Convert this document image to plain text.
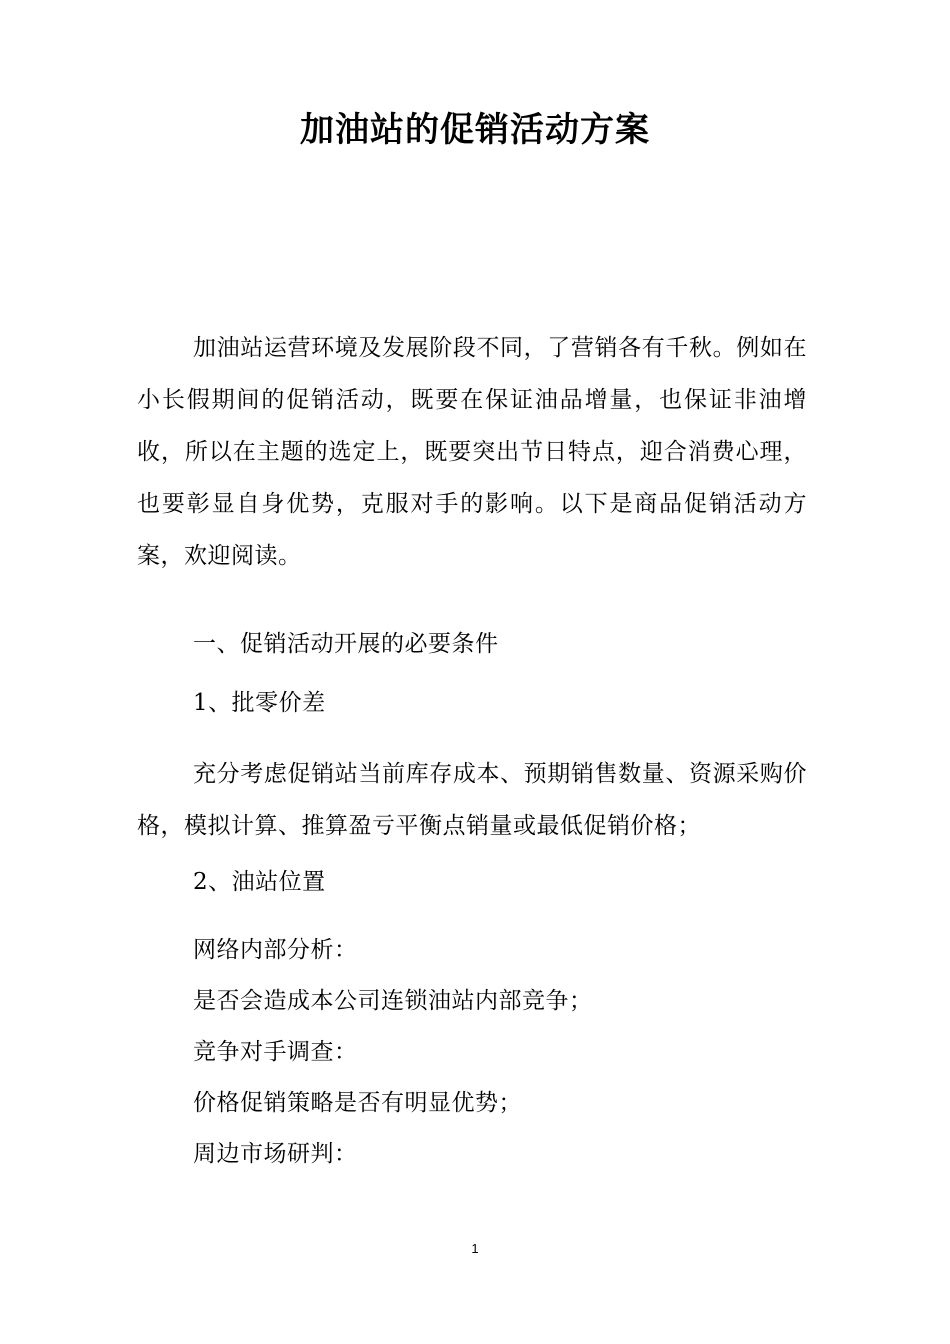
加油站的促销活动方案

加油站运营环境及发展阶段不同，了营销各有千秋。例如在小长假期间的促销活动，既要在保证油品增量，也保证非油增收，所以在主题的选定上，既要突出节日特点，迎合消费心理，也要彰显自身优势，克服对手的影响。以下是商品促销活动方案，欢迎阅读。

一、促销活动开展的必要条件

1、批零价差

充分考虑促销站当前库存成本、预期销售数量、资源采购价格，模拟计算、推算盈亏平衡点销量或最低促销价格；

2、油站位置

网络内部分析：

是否会造成本公司连锁油站内部竞争；

竞争对手调查：

价格促销策略是否有明显优势；

周边市场研判：

1
